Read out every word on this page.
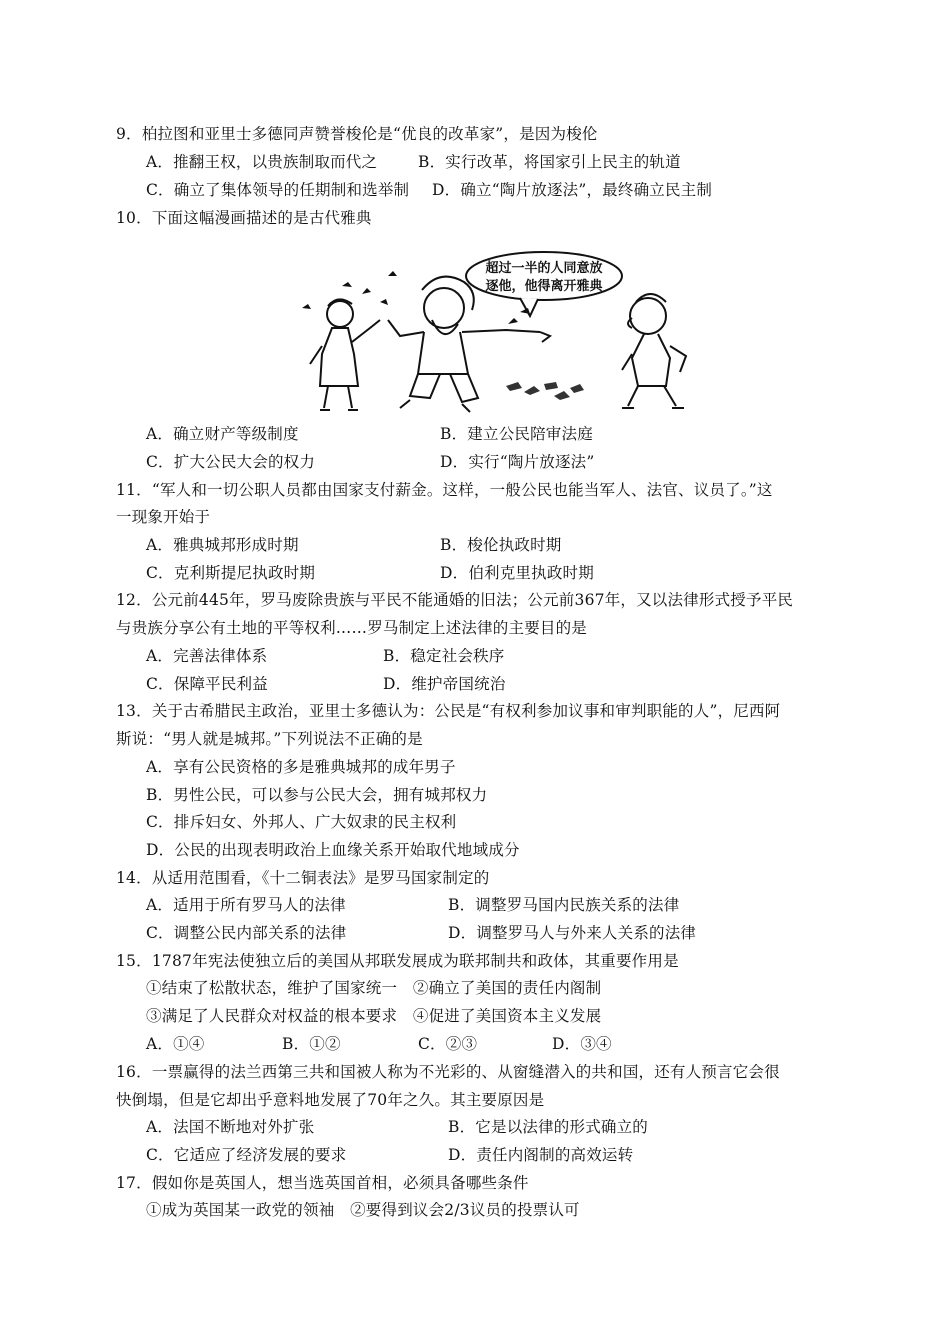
9．柏拉图和亚里士多德同声赞誉梭伦是“优良的改革家”，是因为梭伦
A．推翻王权，以贵族制取而代之	B．实行改革，将国家引上民主的轨道
C．确立了集体领导的任期制和选举制 D．确立“陶片放逐法”，最终确立民主制
10．下面这幅漫画描述的是古代雅典
超过一半的人同意放
逐他，他得离开雅典
A．确立财产等级制度	B．建立公民陪审法庭
C．扩大公民大会的权力	D．实行“陶片放逐法”
11．“军人和一切公职人员都由国家支付薪金。这样，一般公民也能当军人、法官、议员了。”这
一现象开始于
A．雅典城邦形成时期	B．梭伦执政时期
C．克利斯提尼执政时期	D．伯利克里执政时期
12．公元前445年，罗马废除贵族与平民不能通婚的旧法；公元前367年，又以法律形式授予平民
与贵族分享公有土地的平等权利……罗马制定上述法律的主要目的是
A．完善法律体系	B．稳定社会秩序
C．保障平民利益	D．维护帝国统治
13．关于古希腊民主政治，亚里士多德认为：公民是“有权利参加议事和审判职能的人”，尼西阿
斯说：“男人就是城邦。”下列说法不正确的是
A．享有公民资格的多是雅典城邦的成年男子
B．男性公民，可以参与公民大会，拥有城邦权力
C．排斥妇女、外邦人、广大奴隶的民主权利
D．公民的出现表明政治上血缘关系开始取代地域成分
14．从适用范围看，《十二铜表法》是罗马国家制定的
A．适用于所有罗马人的法律	B．调整罗马国内民族关系的法律
C．调整公民内部关系的法律	D．调整罗马人与外来人关系的法律
15．1787年宪法使独立后的美国从邦联发展成为联邦制共和政体，其重要作用是
①结束了松散状态，维护了国家统一　②确立了美国的责任内阁制
③满足了人民群众对权益的根本要求　④促进了美国资本主义发展
A．①④	B．①②	C．②③	D．③④
16．一票赢得的法兰西第三共和国被人称为不光彩的、从窗缝潜入的共和国，还有人预言它会很
快倒塌，但是它却出乎意料地发展了70年之久。其主要原因是
A．法国不断地对外扩张	B．它是以法律的形式确立的
C．它适应了经济发展的要求	D．责任内阁制的高效运转
17．假如你是英国人，想当选英国首相，必须具备哪些条件
①成为英国某一政党的领袖　②要得到议会2/3议员的投票认可
